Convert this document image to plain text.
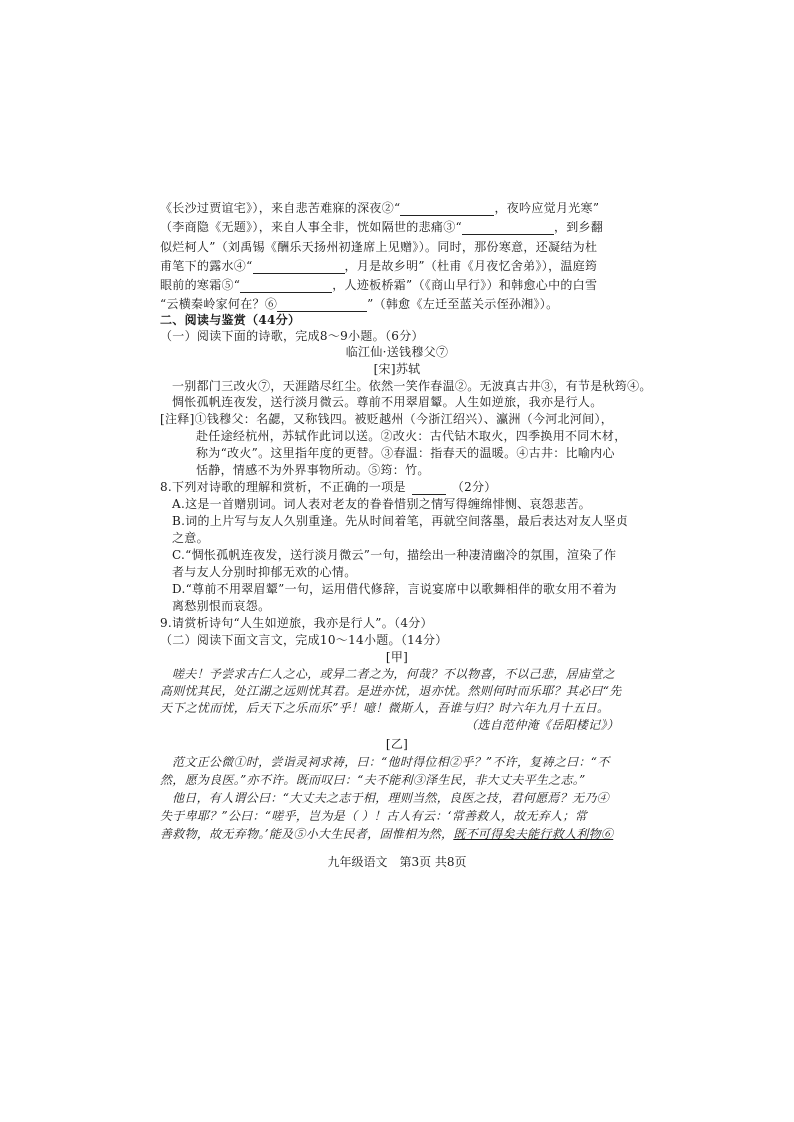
《长沙过贾谊宅》），来自悲苦难寐的深夜②“	，夜吟应觉月光寒”
（李商隐《无题》），来自人事全非，恍如隔世的悲痛③“	，到乡翻
似烂柯人”（刘禹锡《酬乐天扬州初逢席上见赠》）。同时，那份寒意，还凝结为杜
甫笔下的露水④“	，月是故乡明”（杜甫《月夜忆舍弟》），温庭筠
眼前的寒霜⑤“	，人迹板桥霜”（《商山早行》）和韩愈心中的白雪
“云横秦岭家何在？⑥	”（韩愈《左迁至蓝关示侄孙湘》）。
二、阅读与鉴赏（44分）
（一）阅读下面的诗歌，完成8～9小题。（6分）
临江仙·送钱穆父⑦
[宋]苏轼
一别都门三改火⑦，天涯踏尽红尘。依然一笑作春温②。无波真古井③，有节是秋筠④。
惆怅孤帆连夜发，送行淡月微云。尊前不用翠眉颦。人生如逆旅，我亦是行人。
[注释]①钱穆父：名勰，又称钱四。被贬越州（今浙江绍兴）、瀛洲（今河北河间），
赴任途经杭州，苏轼作此词以送。②改火：古代钻木取火，四季换用不同木材，
称为“改火”。这里指年度的更替。③春温：指春天的温暖。④古井：比喻内心
恬静，情感不为外界事物所动。⑤筠：竹。
8.下列对诗歌的理解和赏析，不正确的一项是	（2分）
A.这是一首赠别词。词人表对老友的眷眷惜别之情写得缠绵悱恻、哀怨悲苦。
B.词的上片写与友人久别重逢。先从时间着笔，再就空间落墨，最后表达对友人坚贞
之意。
C.“惆怅孤帆连夜发，送行淡月微云”一句，描绘出一种凄清幽冷的氛围，渲染了作
者与友人分别时抑郁无欢的心情。
D.“尊前不用翠眉颦”一句，运用借代修辞，言说宴席中以歌舞相伴的歌女用不着为
离愁别恨而哀怨。
9.请赏析诗句“人生如逆旅，我亦是行人”。（4分）
（二）阅读下面文言文，完成10～14小题。（14分）
[甲]
嗟夫！予尝求古仁人之心，或异二者之为，何哉？不以物喜，不以己悲，居庙堂之
高则忧其民，处江湖之远则忧其君。是进亦忧，退亦忧。然则何时而乐耶？其必曰“先
天下之忧而忧，后天下之乐而乐”乎！噫！微斯人，吾谁与归？时六年九月十五日。
（选自范仲淹《岳阳楼记》）
[乙]
范文正公微①时，尝诣灵祠求祷，曰：“他时得位相②乎？”不许，复祷之曰：“不
然，愿为良医。”亦不许。既而叹曰：“夫不能利③泽生民，非大丈夫平生之志。”
他日，有人谓公曰：“大丈夫之志于相，理则当然，良医之技，君何愿焉？无乃④
失于卑耶？”公曰：“嗟乎，岂为是（ ）！古人有云：‘常善救人，故无弃人；常
善救物，故无弃物。’能及⑤小大生民者，固惟相为然，既不可得矣夫能行救人利物⑥
九年级语文　第3页 共8页
